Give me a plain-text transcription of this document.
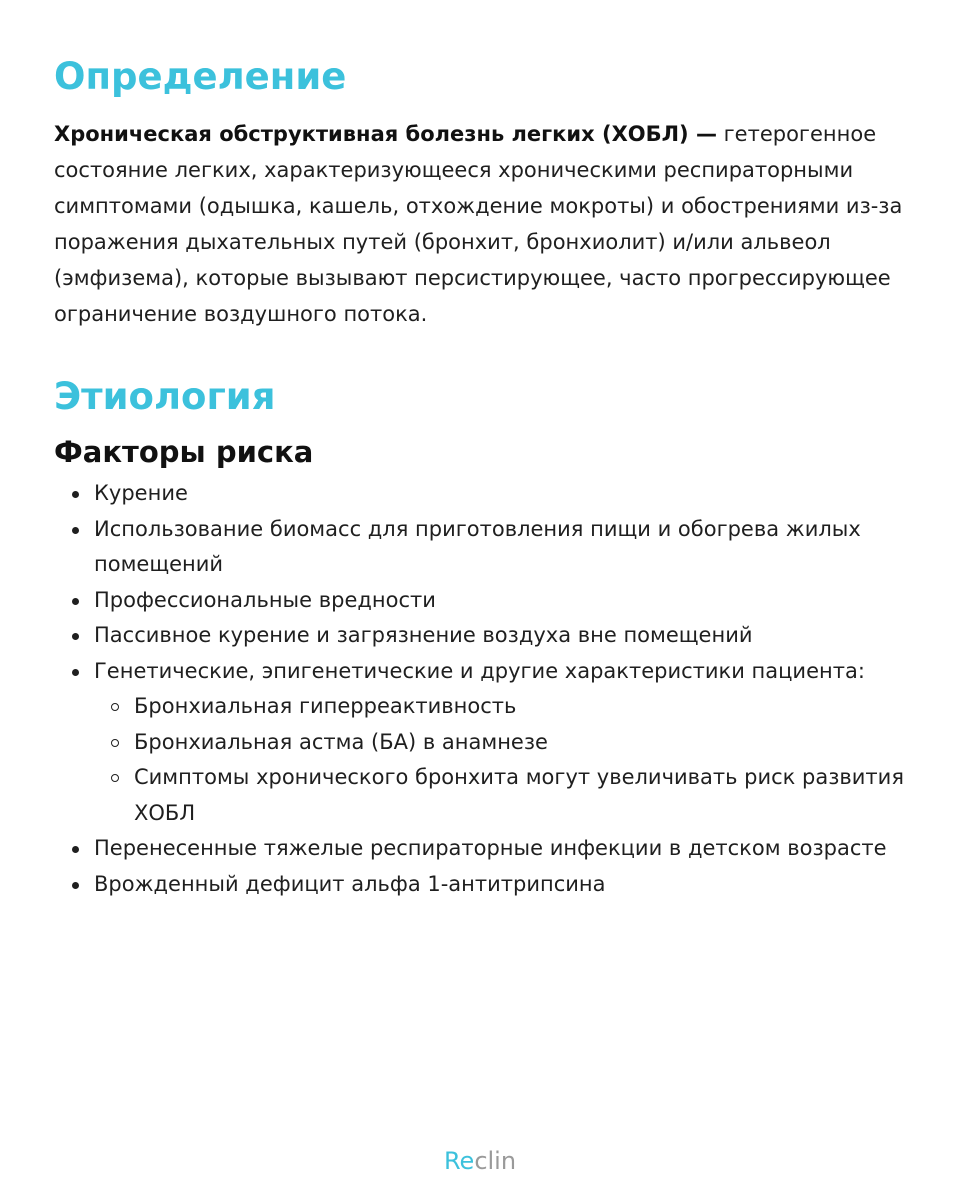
Определение

Хроническая обструктивная болезнь легких (ХОБЛ) — гетерогенное состояние легких, характеризующееся хроническими респираторными симптомами (одышка, кашель, отхождение мокроты) и обострениями из-за поражения дыхательных путей (бронхит, бронхиолит) и/или альвеол (эмфизема), которые вызывают персистирующее, часто прогрессирующее ограничение воздушного потока.

Этиология
Факторы риска
Курение
Использование биомасс для приготовления пищи и обогрева жилых помещений
Профессиональные вредности
Пассивное курение и загрязнение воздуха вне помещений
Генетические, эпигенетические и другие характеристики пациента:
Бронхиальная гиперреактивность
Бронхиальная астма (БА) в анамнезе
Симптомы хронического бронхита могут увеличивать риск развития ХОБЛ
Перенесенные тяжелые респираторные инфекции в детском возрасте
Врожденный дефицит альфа 1-антитрипсина
Reclin
